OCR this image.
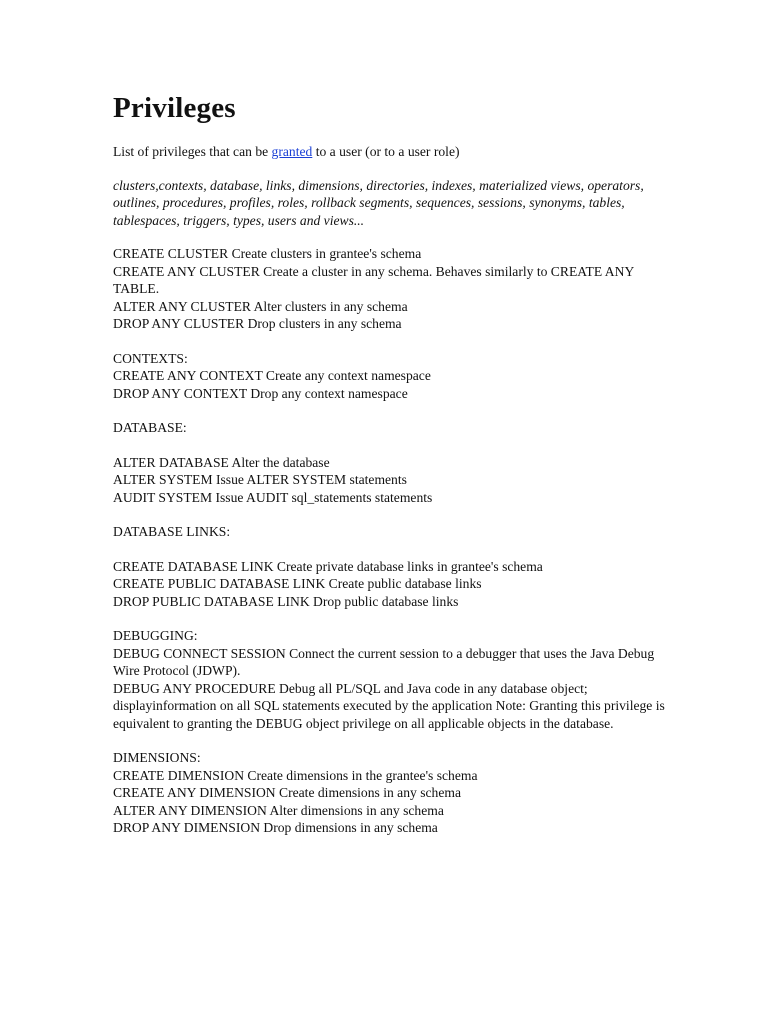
Privileges

List of privileges that can be granted to a user (or to a user role)

clusters,contexts, database, links, dimensions, directories, indexes, materialized views, operators, outlines, procedures, profiles, roles, rollback segments, sequences, sessions, synonyms, tables, tablespaces, triggers, types, users and views...

CREATE CLUSTER Create clusters in grantee's schema
CREATE ANY CLUSTER Create a cluster in any schema. Behaves similarly to CREATE ANY TABLE.
ALTER ANY CLUSTER Alter clusters in any schema
DROP ANY CLUSTER Drop clusters in any schema
CONTEXTS:
CREATE ANY CONTEXT Create any context namespace
DROP ANY CONTEXT Drop any context namespace
DATABASE:
ALTER DATABASE Alter the database
ALTER SYSTEM Issue ALTER SYSTEM statements
AUDIT SYSTEM Issue AUDIT sql_statements statements
DATABASE LINKS:
CREATE DATABASE LINK Create private database links in grantee's schema
CREATE PUBLIC DATABASE LINK Create public database links
DROP PUBLIC DATABASE LINK Drop public database links
DEBUGGING:
DEBUG CONNECT SESSION Connect the current session to a debugger that uses the Java Debug Wire Protocol (JDWP).
DEBUG ANY PROCEDURE Debug all PL/SQL and Java code in any database object; displayinformation on all SQL statements executed by the application Note: Granting this privilege is equivalent to granting the DEBUG object privilege on all applicable objects in the database.
DIMENSIONS:
CREATE DIMENSION Create dimensions in the grantee's schema
CREATE ANY DIMENSION Create dimensions in any schema
ALTER ANY DIMENSION Alter dimensions in any schema
DROP ANY DIMENSION Drop dimensions in any schema
